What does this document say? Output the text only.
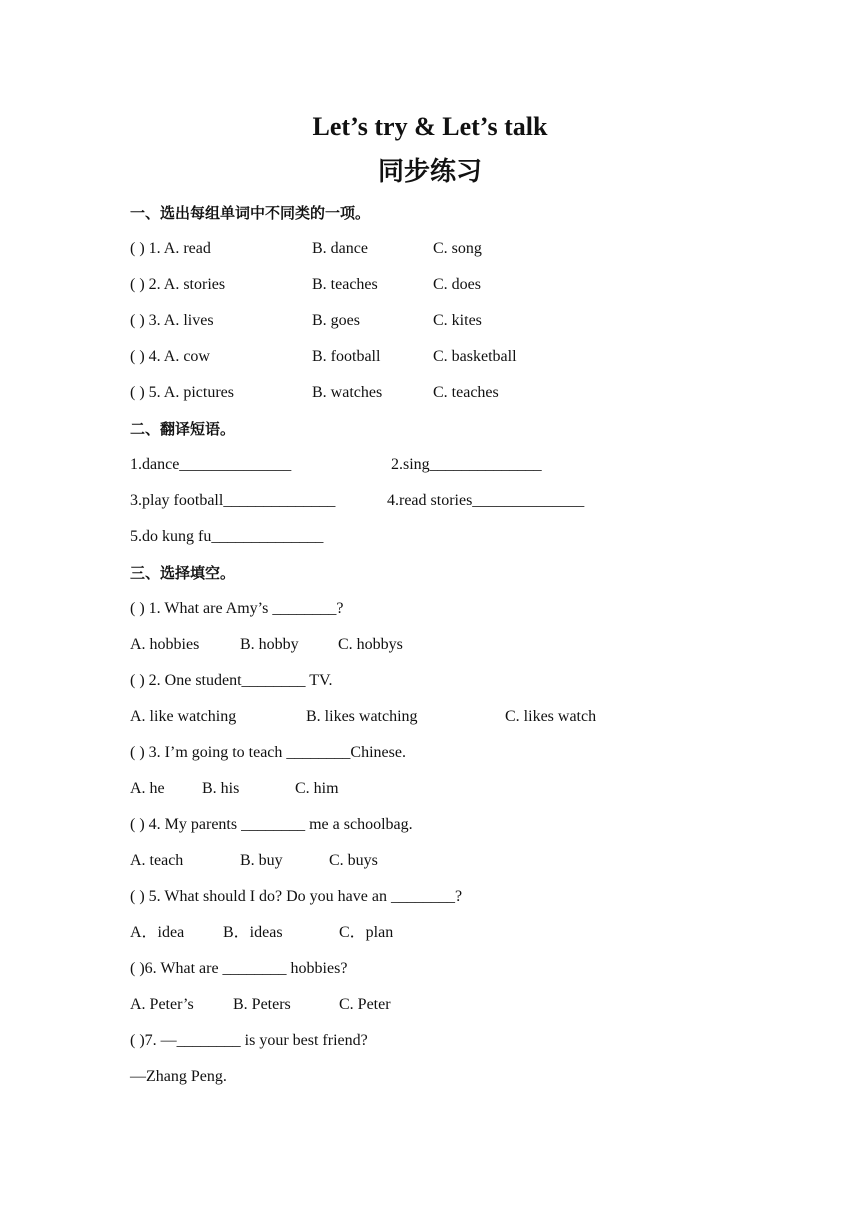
Let’s try & Let’s talk
同步练习
一、选出每组单词中不同类的一项。
( ) 1. A. read	B. dance	C. song
( ) 2. A. stories	B. teaches	C. does
( ) 3. A. lives	B. goes	C. kites
( ) 4. A. cow	B. football	C. basketball
( ) 5. A. pictures	B. watches	C. teaches
二、翻译短语。
1.dance______________	2.sing______________
3.play football______________	4.read stories______________
5.do kung fu______________
三、选择填空。
( ) 1. What are Amy’s ________?
A. hobbies	B. hobby C. hobbys
( ) 2. One student________ TV.
A. like watching	B. likes watching	C. likes watch
( ) 3. I’m going to teach ________Chinese.
A. he B. his	C. him
( ) 4. My parents ________ me a schoolbag.
A. teach	B. buy	C. buys
( ) 5. What should I do? Do you have an ________?
A．idea B．ideas	C．plan
( )6. What are ________ hobbies?
A. Peter’s B. Peters	C. Peter
( )7. —________ is your best friend?
—Zhang Peng.
